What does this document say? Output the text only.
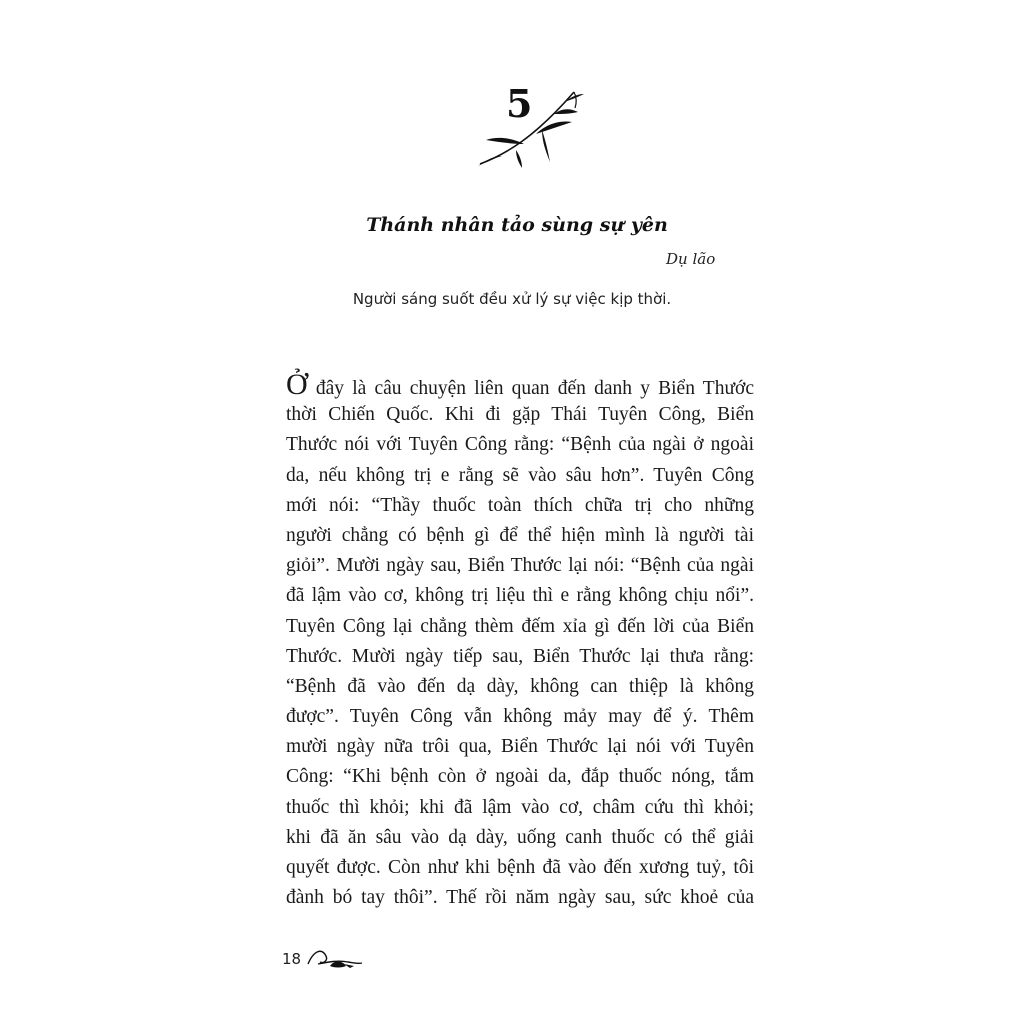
5
Thánh nhân tảo sùng sự yên
Dụ lão
Người sáng suốt đều xử lý sự việc kịp thời.
Ở đây là câu chuyện liên quan đến danh y Biển Thước
thời Chiến Quốc. Khi đi gặp Thái Tuyên Công, Biển
Thước nói với Tuyên Công rằng: “Bệnh của ngài ở ngoài
da, nếu không trị e rằng sẽ vào sâu hơn”. Tuyên Công
mới nói: “Thầy thuốc toàn thích chữa trị cho những
người chẳng có bệnh gì để thể hiện mình là người tài
giỏi”. Mười ngày sau, Biển Thước lại nói: “Bệnh của ngài
đã lậm vào cơ, không trị liệu thì e rằng không chịu nổi”.
Tuyên Công lại chẳng thèm đếm xỉa gì đến lời của Biển
Thước. Mười ngày tiếp sau, Biển Thước lại thưa rằng:
“Bệnh đã vào đến dạ dày, không can thiệp là không
được”. Tuyên Công vẫn không mảy may để ý. Thêm
mười ngày nữa trôi qua, Biển Thước lại nói với Tuyên
Công: “Khi bệnh còn ở ngoài da, đắp thuốc nóng, tắm
thuốc thì khỏi; khi đã lậm vào cơ, châm cứu thì khỏi;
khi đã ăn sâu vào dạ dày, uống canh thuốc có thể giải
quyết được. Còn như khi bệnh đã vào đến xương tuỷ, tôi
đành bó tay thôi”. Thế rồi năm ngày sau, sức khoẻ của
18
